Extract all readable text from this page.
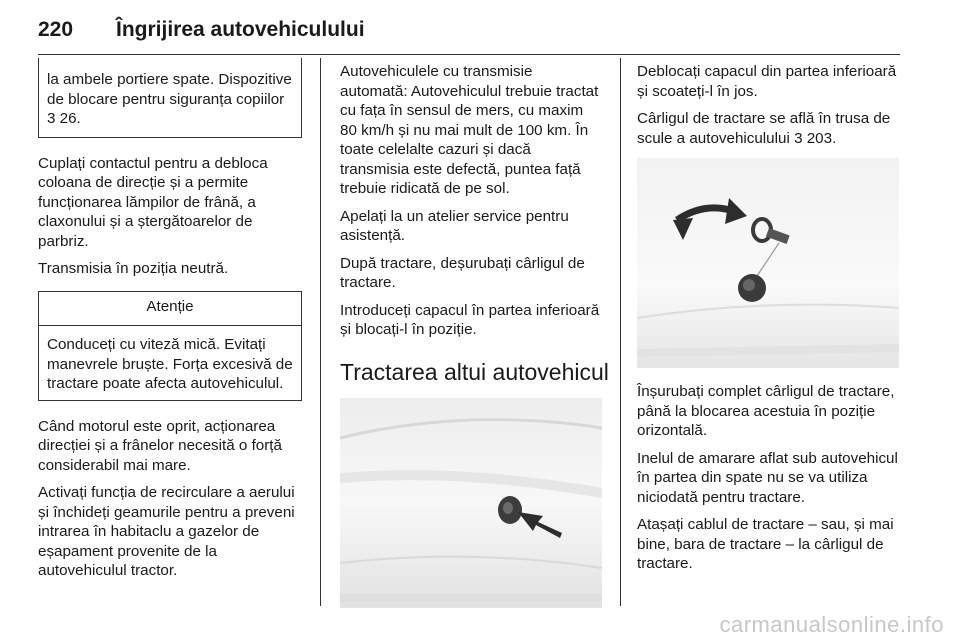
220 Îngrijirea autovehiculului
la ambele portiere spate. Dispozitive de blocare pentru siguranța copiilor 3 26.

Cuplați contactul pentru a debloca coloana de direcție și a permite funcționarea lămpilor de frână, a claxonului și a ștergătoarelor de parbriz.

Transmisia în poziția neutră.

Atenție
Conduceți cu viteză mică. Evitați manevrele bruște. Forța excesivă de tractare poate afecta autovehiculul.

Când motorul este oprit, acționarea direcției și a frânelor necesită o forță considerabil mai mare.

Activați funcția de recirculare a aerului și închideți geamurile pentru a preveni intrarea în habitaclu a gazelor de eșapament provenite de la autovehiculul tractor.

Autovehiculele cu transmisie automată: Autovehiculul trebuie tractat cu fața în sensul de mers, cu maxim 80 km/h și nu mai mult de 100 km. În toate celelalte cazuri și dacă transmisia este defectă, puntea față trebuie ridicată de pe sol.

Apelați la un atelier service pentru asistență.

După tractare, deșurubați cârligul de tractare.

Introduceți capacul în partea inferioară și blocați-l în poziție.

Tractarea altui autovehicul

Deblocați capacul din partea inferioară și scoateți-l în jos.

Cârligul de tractare se află în trusa de scule a autovehiculului 3 203.

Înșurubați complet cârligul de tractare, până la blocarea acestuia în poziție orizontală.

Inelul de amarare aflat sub autovehicul în partea din spate nu se va utiliza niciodată pentru tractare.

Atașați cablul de tractare – sau, și mai bine, bara de tractare – la cârligul de tractare.

carmanualsonline.info
